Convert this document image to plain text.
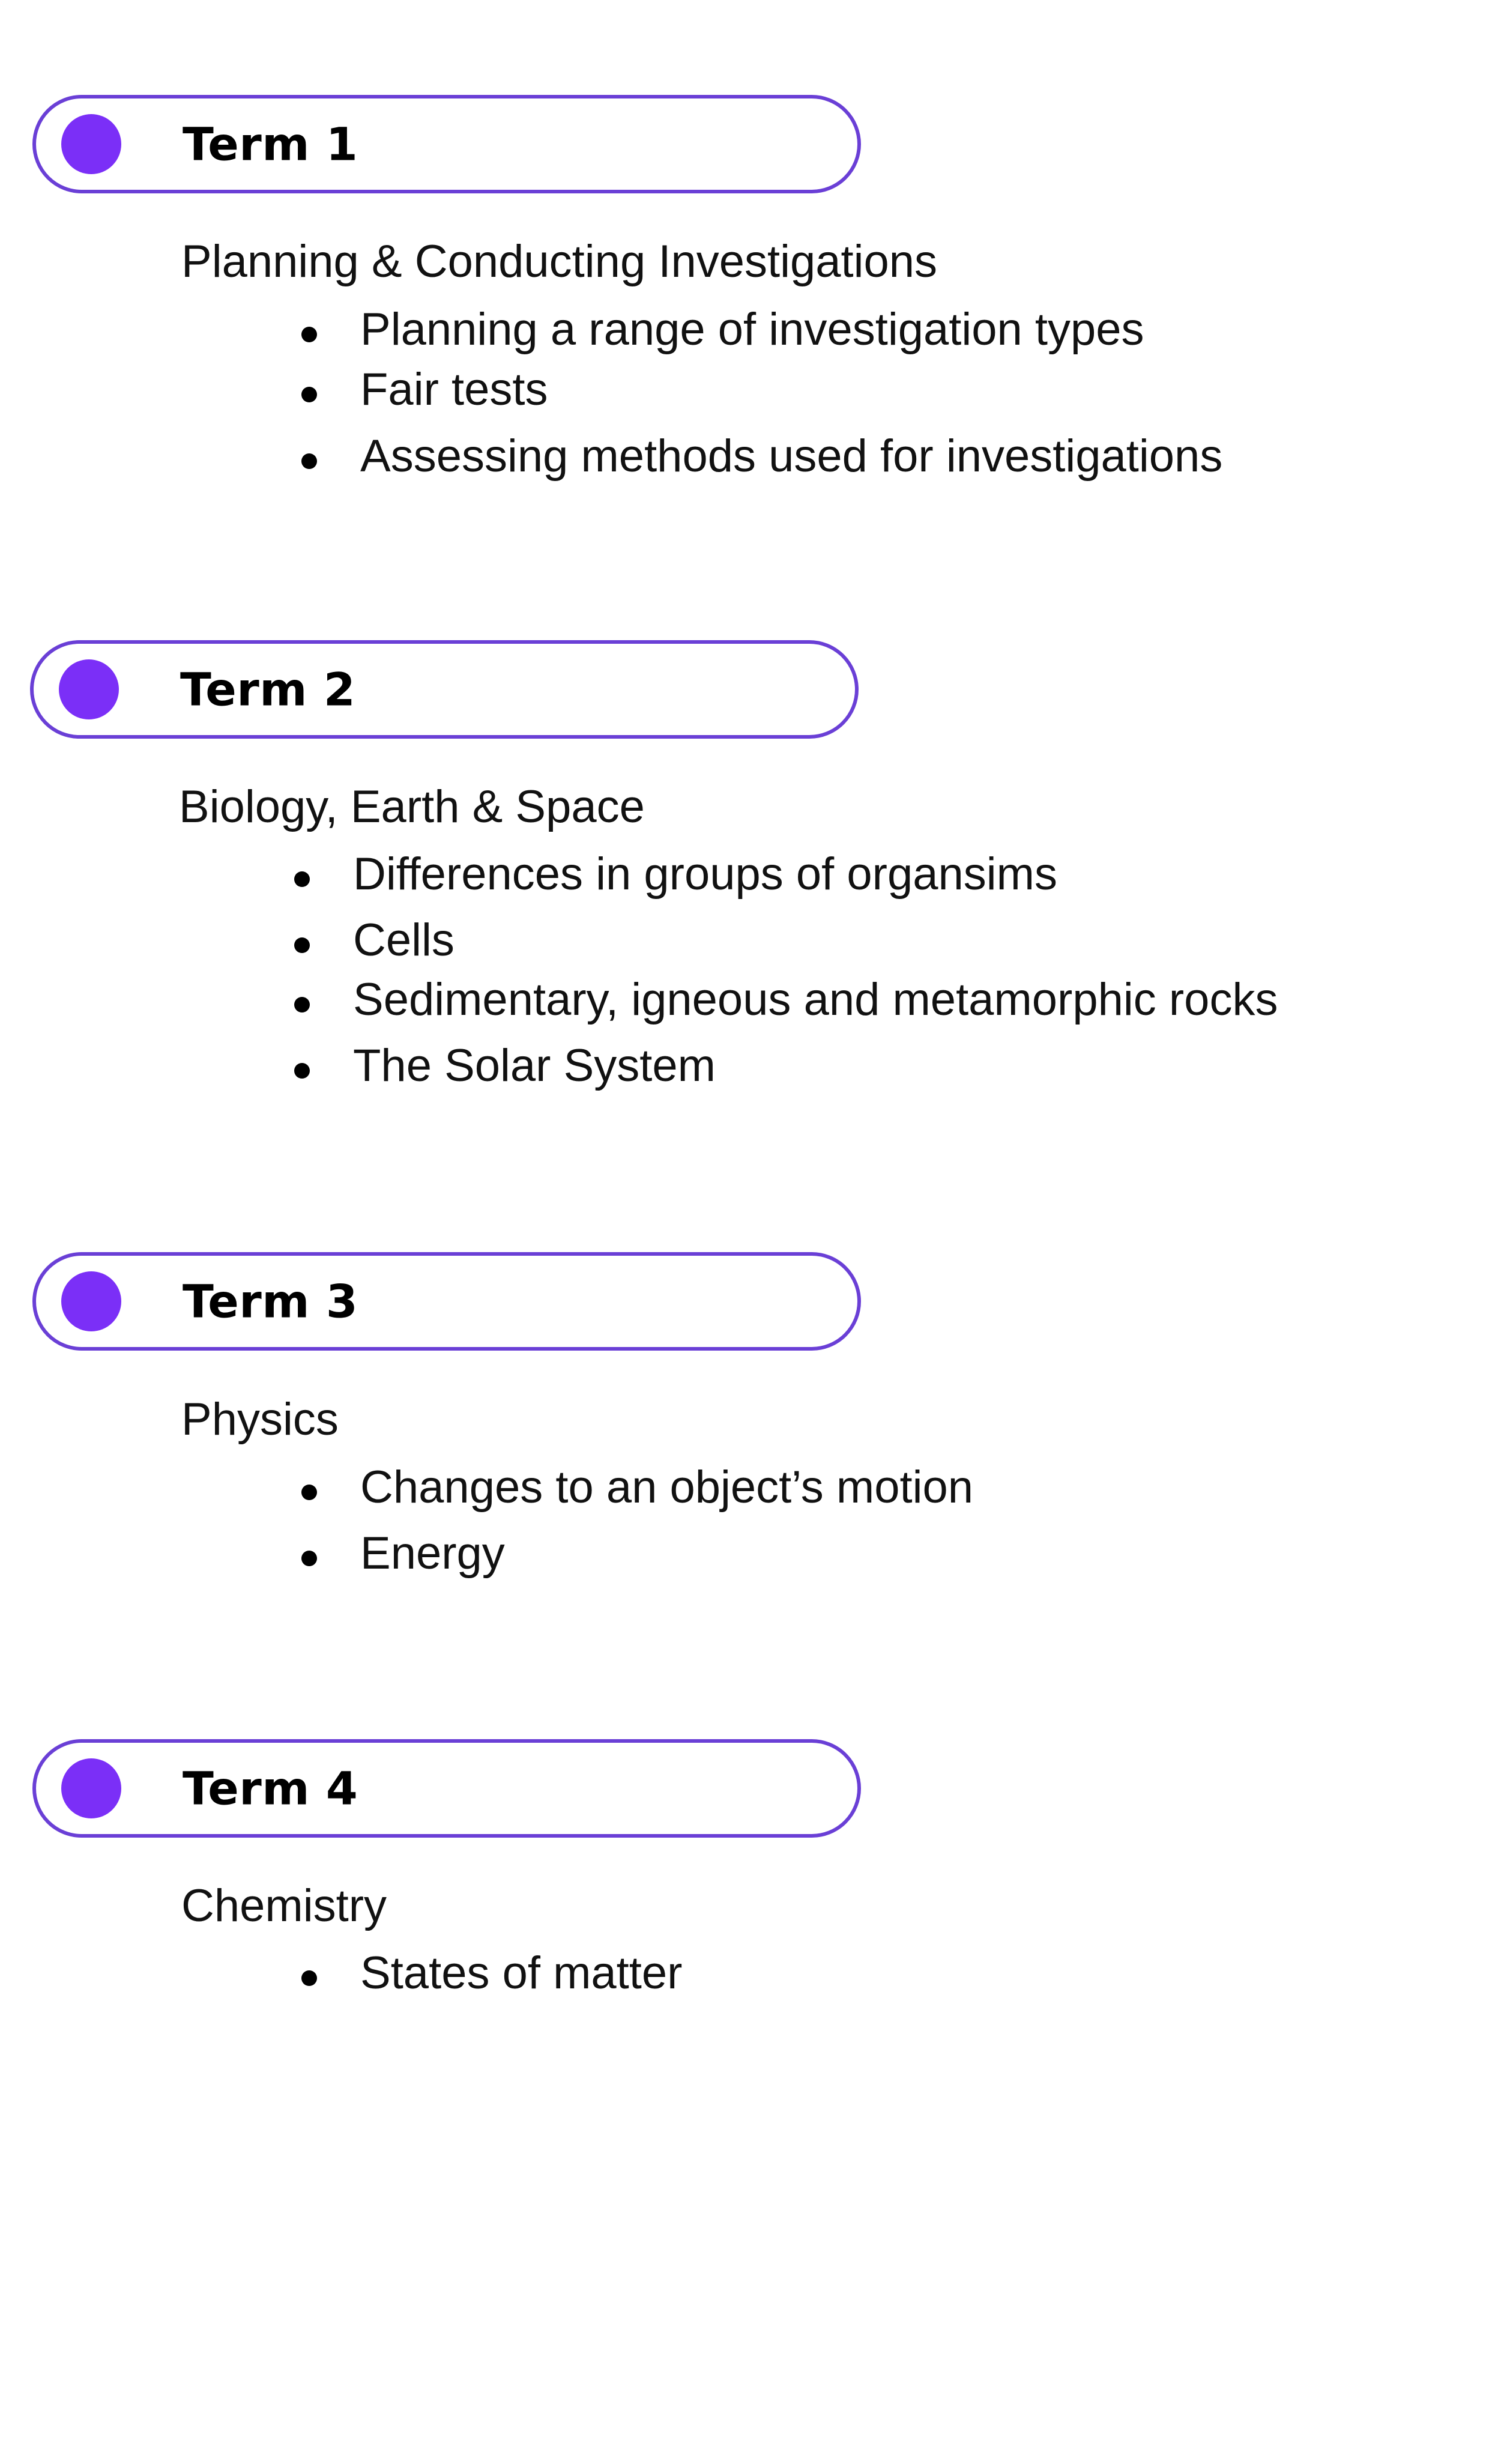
Term 1
Planning & Conducting Investigations
Planning a range of investigation types
Fair tests
Assessing methods used for investigations
Term 2
Biology, Earth & Space
Differences in groups of organsims
Cells
Sedimentary, igneous and metamorphic rocks
The Solar System
Term 3
Physics
Changes to an object’s motion
Energy
Term 4
Chemistry
States of matter
